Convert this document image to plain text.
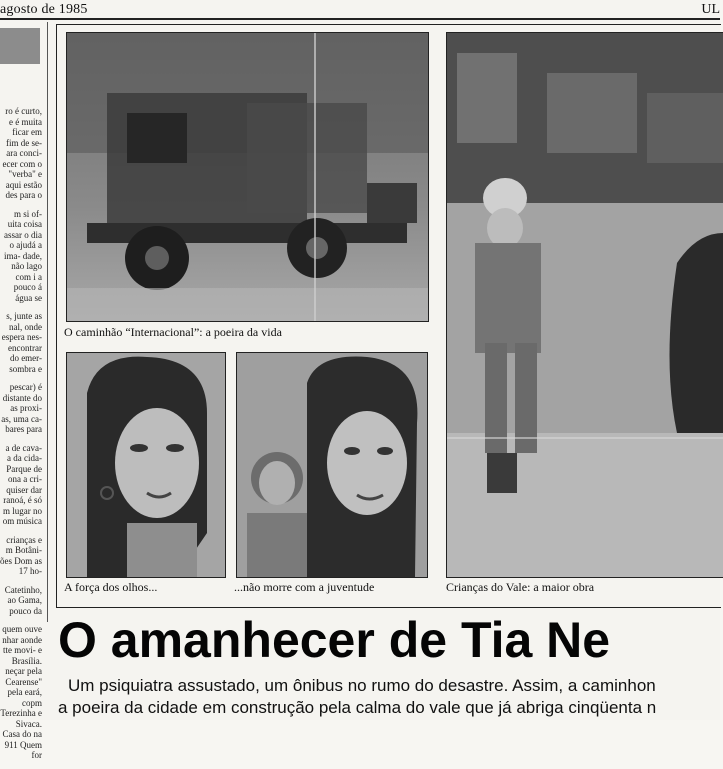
agosto de 1985	UL

ro é curto, e é muita ficar em fim de se- ara conci- ecer com o "verba" e aqui estão des para o

m si of- uita coisa assar o dia o ajudá a ima- dade, não lago com i a pouco á água se

s, junte as nal, onde espera nes- encontrar do emer- sombra e

pescar) é distante do as proxi- as, uma ca- bares para

a de cava- a da cida- Parque de ona a cri- quiser dar ranoá, é só m lugar no om música

crianças e m Botâni- ões Dom as 17 ho-

Catetinho, ao Gama, pouco da

quem ouve nhar aonde tte movi- e Brasília. neçar pela Cearense" pela eará, copm Terezinha e Sivaca. Casa do na 911 Quem for

O caminhão “Internacional”: a poeira da vida
A força dos olhos...	...não morre com a juventude	Crianças do Vale: a maior obra
O amanhecer de Tia Ne
Um psiquiatra assustado, um ônibus no rumo do desastre. Assim, a caminhon
a poeira da cidade em construção pela calma do vale que já abriga cinqüenta n
